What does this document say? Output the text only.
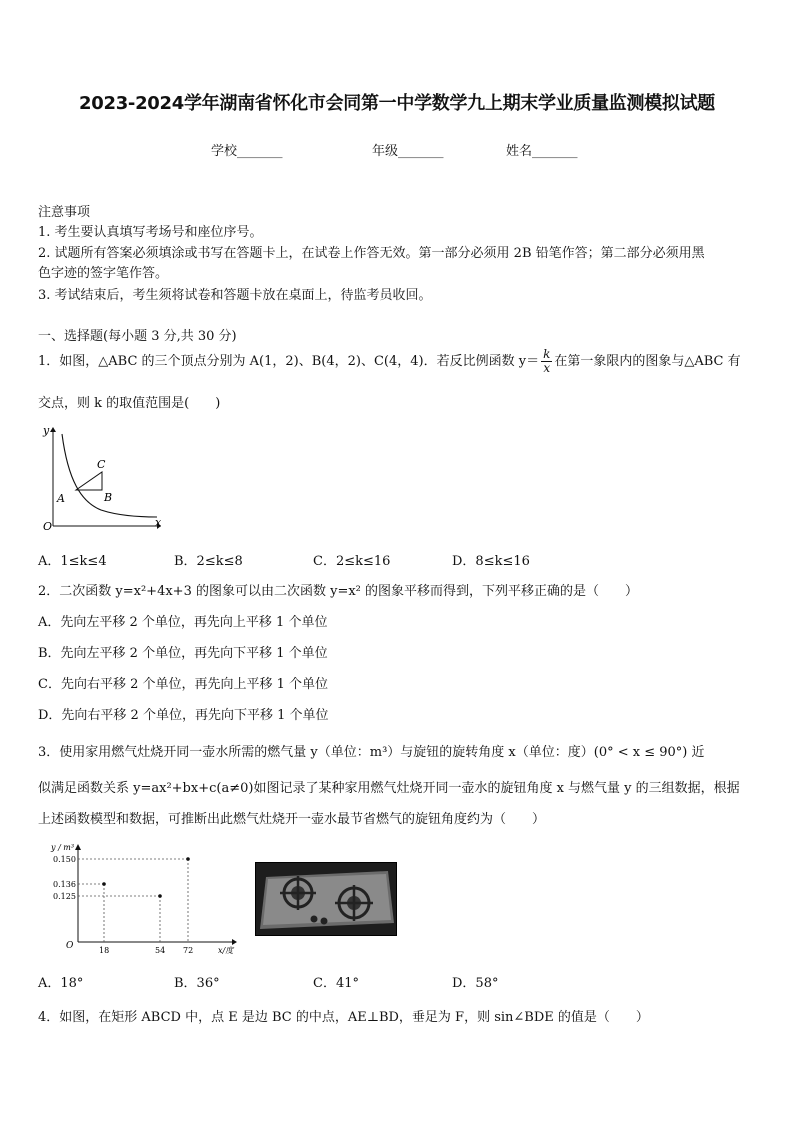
2023-2024学年湖南省怀化市会同第一中学数学九上期末学业质量监测模拟试题
学校_______	年级_______	姓名_______
注意事项
1. 考生要认真填写考场号和座位序号。
2. 试题所有答案必须填涂或书写在答题卡上，在试卷上作答无效。第一部分必须用 2B 铅笔作答；第二部分必须用黑
色字迹的签字笔作答。
3. 考试结束后，考生须将试卷和答题卡放在桌面上，待监考员收回。
一、选择题(每小题 3 分,共 30 分)
1．如图，△ABC 的三个顶点分别为 A(1，2)、B(4，2)、C(4，4)．若反比例函数 $y= \frac{k}{x}$ 在第一象限内的图象与△ABC 有
交点，则 k 的取值范围是(　　)
y
x
O
A	B
C
A．1≤k≤4	B．2≤k≤8	C．2≤k≤16	D．8≤k≤16
2．二次函数 y=x²+4x+3 的图象可以由二次函数 y=x² 的图象平移而得到，下列平移正确的是（　　）
A．先向左平移 2 个单位，再先向上平移 1 个单位
B．先向左平移 2 个单位，再先向下平移 1 个单位
C．先向右平移 2 个单位，再先向上平移 1 个单位
D．先向右平移 2 个单位，再先向下平移 1 个单位
3．使用家用燃气灶烧开同一壶水所需的燃气量 y（单位：m³）与旋钮的旋转角度 x（单位：度）(0° < x ≤ 90°) 近
似满足函数关系 y=ax²+bx+c(a≠0)如图记录了某种家用燃气灶烧开同一壶水的旋钮角度 x 与燃气量 y 的三组数据，根据
上述函数模型和数据，可推断出此燃气灶烧开一壶水最节省燃气的旋钮角度约为（　　）
y / m³
0.150
0.136
0.125
O	18	54 72	x/度
A．18°	B．36°	C．41°	D．58°
4．如图，在矩形 ABCD 中，点 E 是边 BC 的中点，AE⊥BD，垂足为 F，则 sin∠BDE 的值是（　　）
